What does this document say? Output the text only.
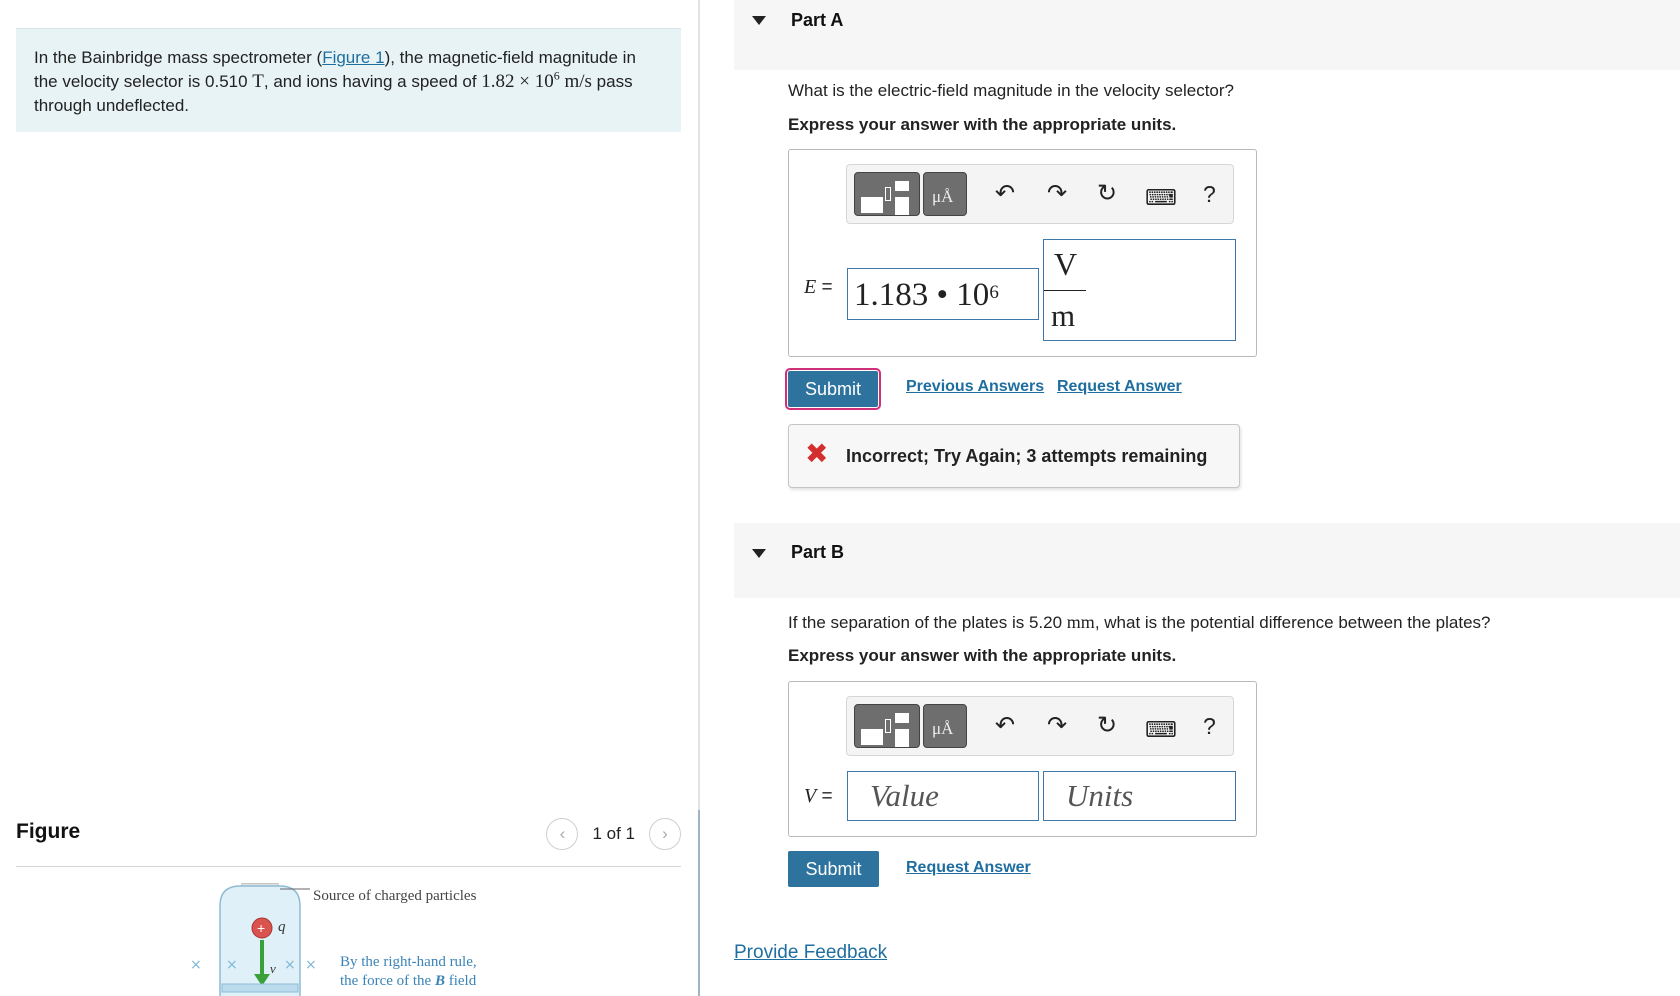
In the Bainbridge mass spectrometer (Figure 1), the magnetic-field magnitude in the velocity selector is 0.510 T, and ions having a speed of $1.82 \times 10^6$ m/s pass through undeflected.
Figure	‹	1 of 1	›
+ q
v
× ×	× ×
Source of charged particles
By the right-hand rule,
the force of the B field
Part A
What is the electric-field magnitude in the velocity selector?
Express your answer with the appropriate units.
μÅ ↶ ↷ ↻ ⌨ ?
E = 1.183 • $10^6$
V
m
Submit	Previous Answers Request Answer
✖ Incorrect; Try Again; 3 attempts remaining
Part B
If the separation of the plates is 5.20 mm, what is the potential difference between the plates?
Express your answer with the appropriate units.
μÅ ↶ ↷ ↻ ⌨ ?
V =	Value	Units
Submit	Request Answer
Provide Feedback
